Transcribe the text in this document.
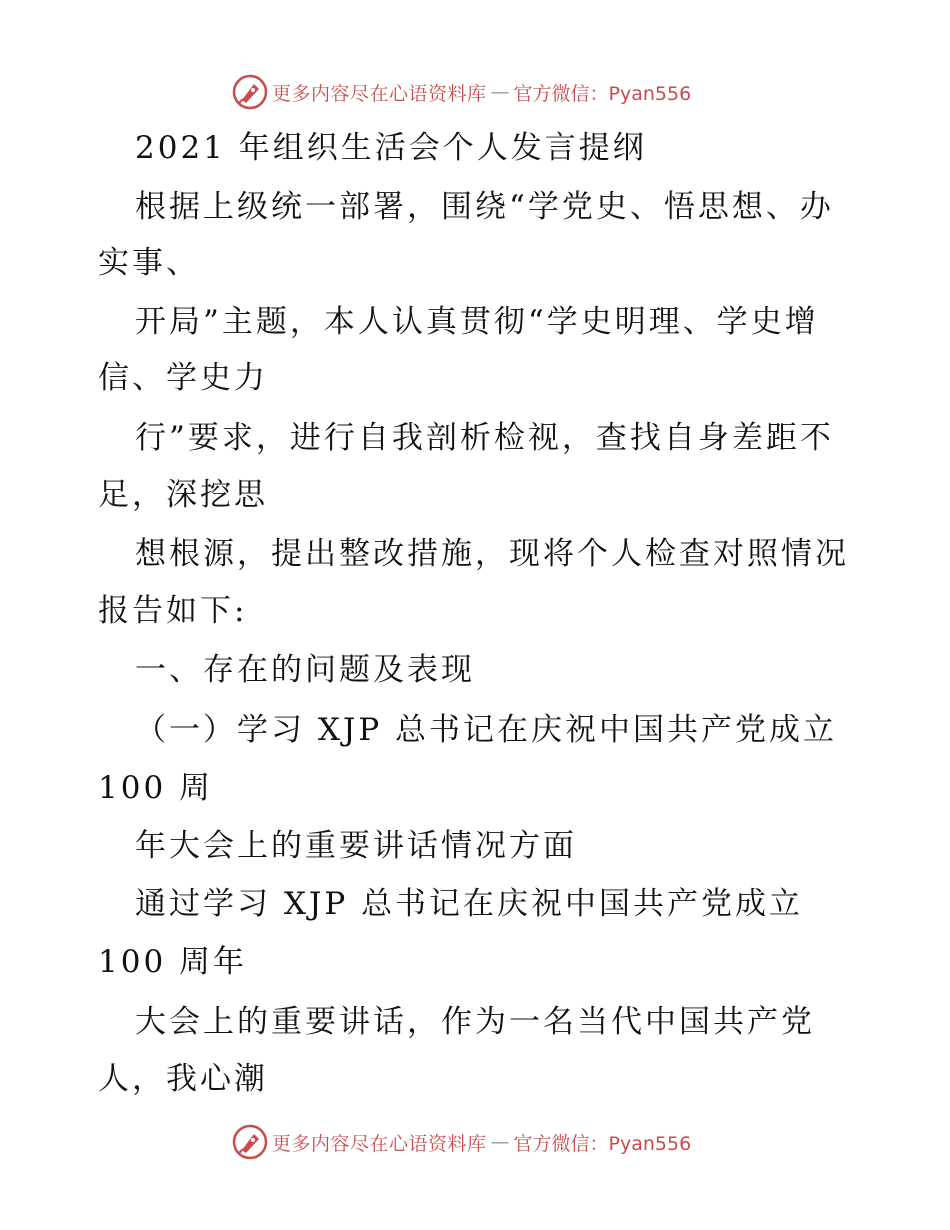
更多内容尽在心语资料库 — 官方微信：Pyan556
2021 年组织生活会个人发言提纲
根据上级统一部署，围绕“学党史、悟思想、办
实事、
开局”主题，本人认真贯彻“学史明理、学史增
信、学史力
行”要求，进行自我剖析检视，查找自身差距不
足，深挖思
想根源，提出整改措施，现将个人检查对照情况
报告如下:
一、存在的问题及表现
（一）学习 XJP 总书记在庆祝中国共产党成立
100 周
年大会上的重要讲话情况方面
通过学习 XJP 总书记在庆祝中国共产党成立
100 周年
大会上的重要讲话，作为一名当代中国共产党
人，我心潮
更多内容尽在心语资料库 — 官方微信：Pyan556
